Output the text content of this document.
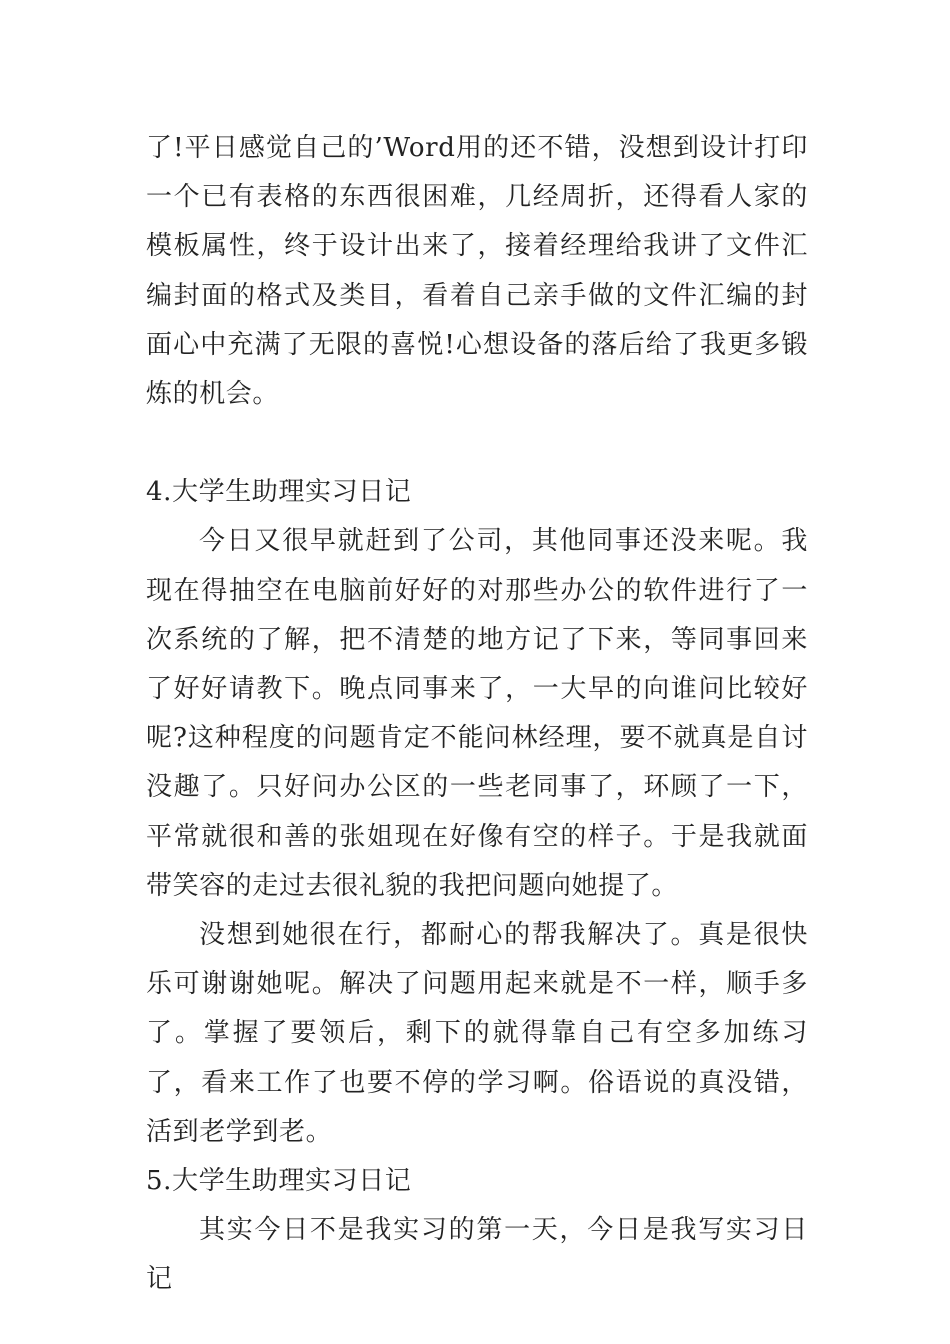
了!平日感觉自己的’Word用的还不错，没想到设计打印一个已有表格的东西很困难，几经周折，还得看人家的模板属性，终于设计出来了，接着经理给我讲了文件汇编封面的格式及类目，看着自己亲手做的文件汇编的封面心中充满了无限的喜悦!心想设备的落后给了我更多锻炼的机会。

4.大学生助理实习日记

今日又很早就赶到了公司，其他同事还没来呢。我现在得抽空在电脑前好好的对那些办公的软件进行了一次系统的了解，把不清楚的地方记了下来，等同事回来了好好请教下。晚点同事来了，一大早的向谁问比较好呢?这种程度的问题肯定不能问林经理，要不就真是自讨没趣了。只好问办公区的一些老同事了，环顾了一下，平常就很和善的张姐现在好像有空的样子。于是我就面带笑容的走过去很礼貌的我把问题向她提了。

没想到她很在行，都耐心的帮我解决了。真是很快乐可谢谢她呢。解决了问题用起来就是不一样，顺手多了。掌握了要领后，剩下的就得靠自己有空多加练习了，看来工作了也要不停的学习啊。俗语说的真没错，活到老学到老。

5.大学生助理实习日记

其实今日不是我实习的第一天，今日是我写实习日记
